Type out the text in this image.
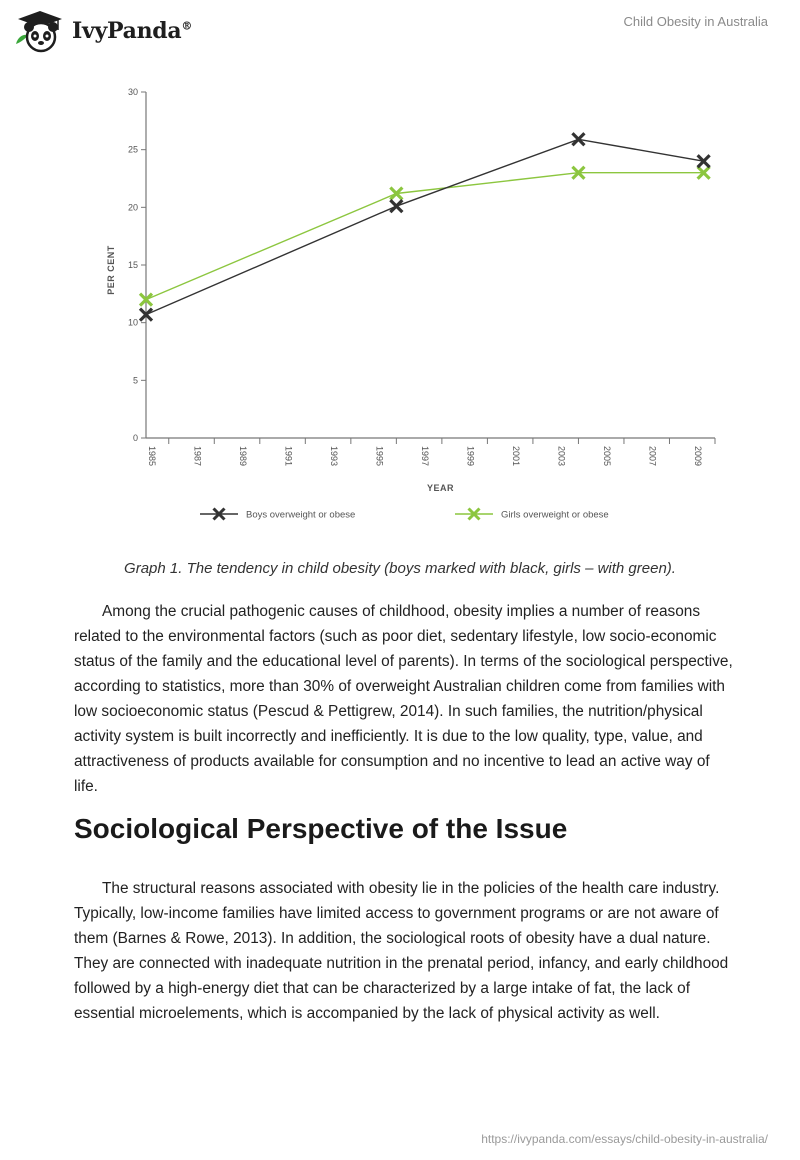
IvyPanda®	Child Obesity in Australia
0
5
10
15
20
25
30
1985	1987	1989	1991	1993	1995	1997	1999	2001	2003	2005	2007	2009
YEAR
PER CENT
Boys overweight or obese	Girls overweight or obese
Graph 1. The tendency in child obesity (boys marked with black, girls – with green).

Among the crucial pathogenic causes of childhood, obesity implies a number of reasons related to the environmental factors (such as poor diet, sedentary lifestyle, low socio-economic status of the family and the educational level of parents). In terms of the sociological perspective, according to statistics, more than 30% of overweight Australian children come from families with low socioeconomic status (Pescud & Pettigrew, 2014). In such families, the nutrition/physical activity system is built incorrectly and inefficiently. It is due to the low quality, type, value, and attractiveness of products available for consumption and no incentive to lead an active way of life.

Sociological Perspective of the Issue

The structural reasons associated with obesity lie in the policies of the health care industry. Typically, low-income families have limited access to government programs or are not aware of them (Barnes & Rowe, 2013). In addition, the sociological roots of obesity have a dual nature. They are connected with inadequate nutrition in the prenatal period, infancy, and early childhood followed by a high-energy diet that can be characterized by a large intake of fat, the lack of essential microelements, which is accompanied by the lack of physical activity as well.

https://ivypanda.com/essays/child-obesity-in-australia/
